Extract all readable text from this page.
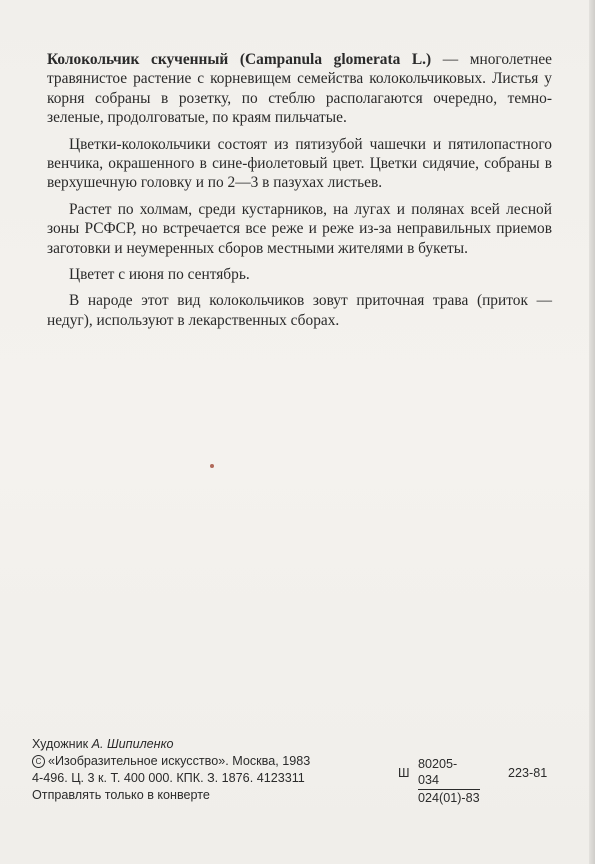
Колокольчик скученный (Campanula glomerata L.) — многолетнее травянистое растение с корневищем семейства колокольчиковых. Листья у корня собраны в розетку, по стеблю располагаются очередно, темно-зеленые, продолговатые, по краям пильчатые.

Цветки-колокольчики состоят из пятизубой чашечки и пятилопастного венчика, окрашенного в сине-фиолетовый цвет. Цветки сидячие, собраны в верхушечную головку и по 2—3 в пазухах листьев.

Растет по холмам, среди кустарников, на лугах и полянах всей лесной зоны РСФСР, но встречается все реже и реже из-за неправильных приемов заготовки и неумеренных сборов местными жителями в букеты.

Цветет с июня по сентябрь.

В народе этот вид колокольчиков зовут приточная трава (приток — недуг), используют в лекарственных сборах.

Художник А. Шипиленко
C «Изобразительное искусство». Москва, 1983
4-496. Ц. 3 к. Т. 400 000. КПК. З. 1876. 4123311
Отправлять только в конверте
Ш $\frac{80205-034}{024(01)-83} 223-81$
